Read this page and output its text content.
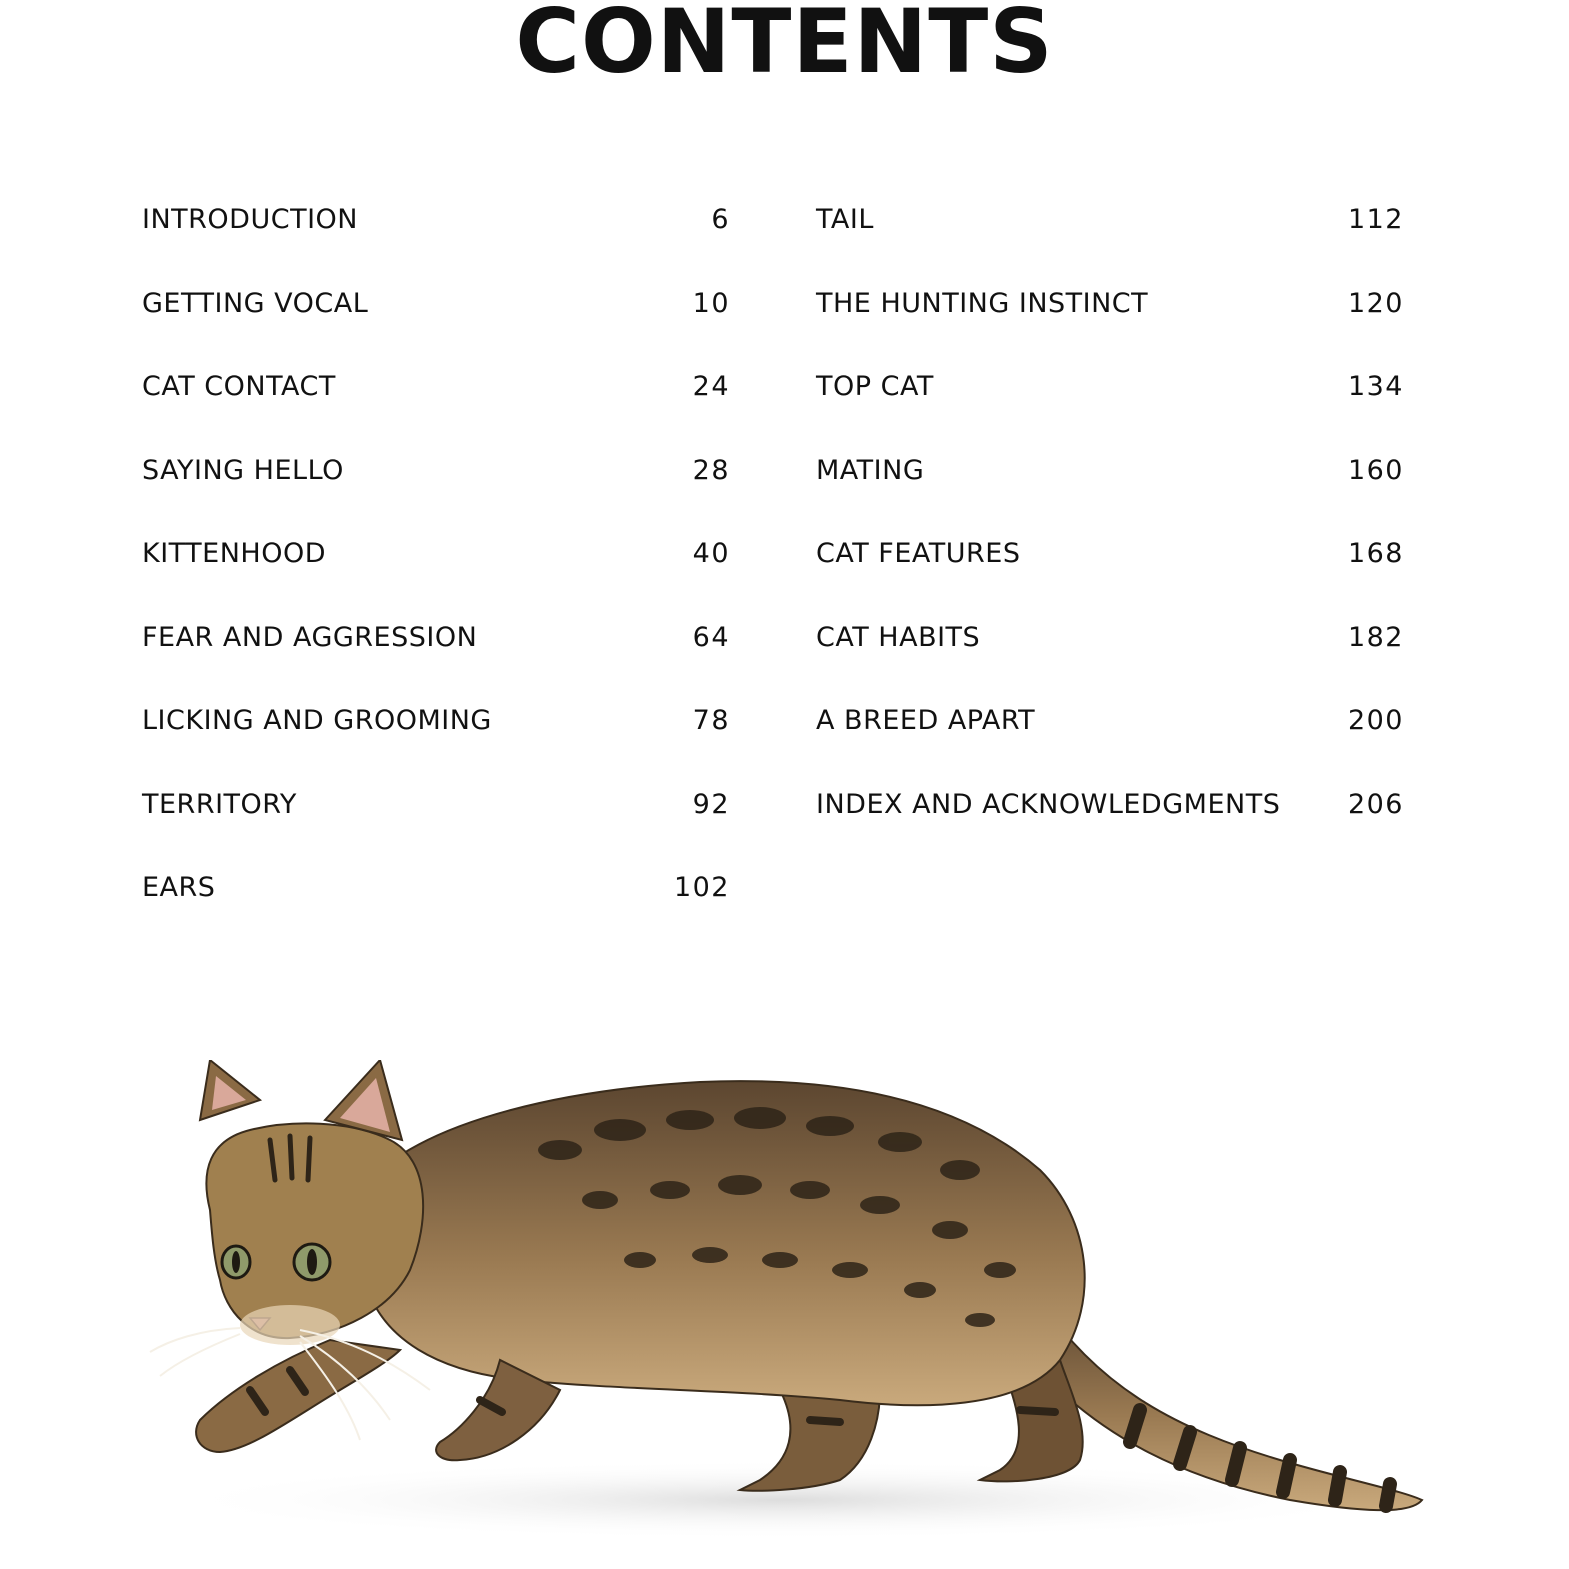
CONTENTS
INTRODUCTION	6
GETTING VOCAL	10
CAT CONTACT	24
SAYING HELLO	28
KITTENHOOD	40
FEAR AND AGGRESSION	64
LICKING AND GROOMING	78
TERRITORY	92
EARS	102
TAIL	112
THE HUNTING INSTINCT	120
TOP CAT	134
MATING	160
CAT FEATURES	168
CAT HABITS	182
A BREED APART	200
INDEX AND ACKNOWLEDGMENTS	206
